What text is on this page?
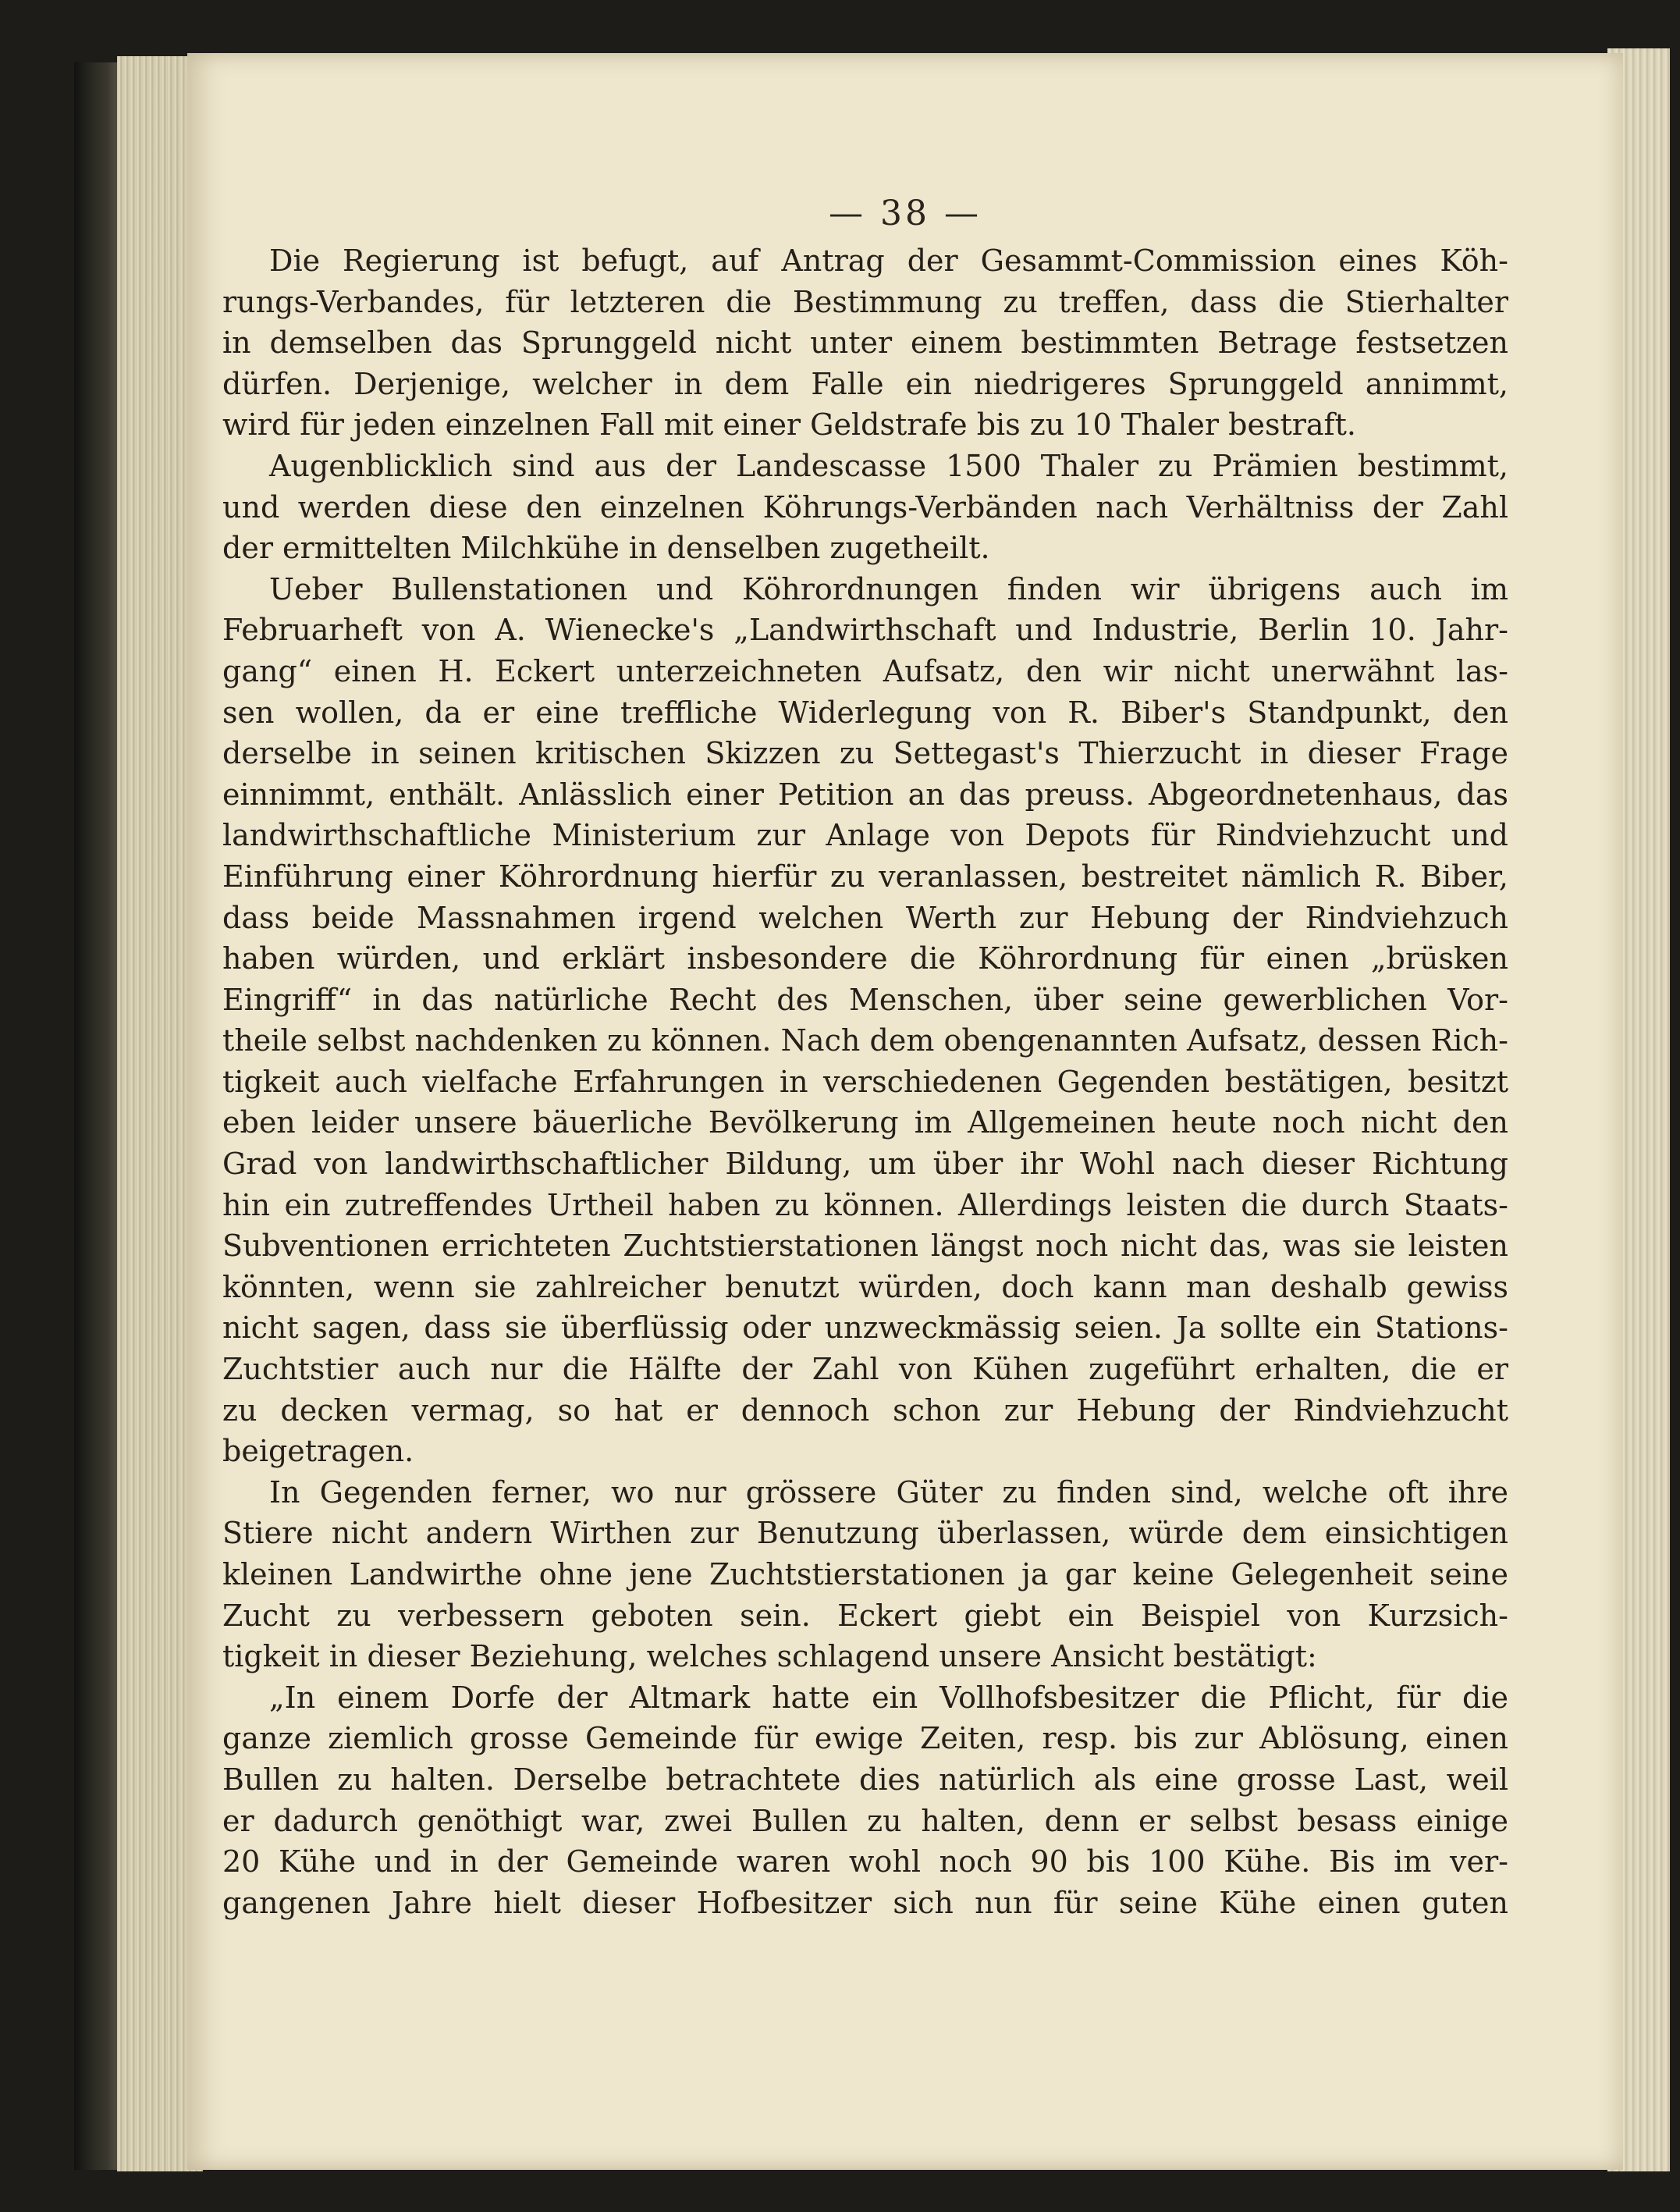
— 38 —
Die Regierung ist befugt, auf Antrag der Gesammt-Commission eines Köh-
rungs-Verbandes, für letzteren die Bestimmung zu treffen, dass die Stierhalter
in demselben das Sprunggeld nicht unter einem bestimmten Betrage festsetzen
dürfen. Derjenige, welcher in dem Falle ein niedrigeres Sprunggeld annimmt,
wird für jeden einzelnen Fall mit einer Geldstrafe bis zu 10 Thaler bestraft.
Augenblicklich sind aus der Landescasse 1500 Thaler zu Prämien bestimmt,
und werden diese den einzelnen Köhrungs-Verbänden nach Verhältniss der Zahl
der ermittelten Milchkühe in denselben zugetheilt.
Ueber Bullenstationen und Köhrordnungen finden wir übrigens auch im
Februarheft von A. Wienecke's „Landwirthschaft und Industrie, Berlin 10. Jahr-
gang“ einen H. Eckert unterzeichneten Aufsatz, den wir nicht unerwähnt las-
sen wollen, da er eine treffliche Widerlegung von R. Biber's Standpunkt, den
derselbe in seinen kritischen Skizzen zu Settegast's Thierzucht in dieser Frage
einnimmt, enthält. Anlässlich einer Petition an das preuss. Abgeordnetenhaus, das
landwirthschaftliche Ministerium zur Anlage von Depots für Rindviehzucht und
Einführung einer Köhrordnung hierfür zu veranlassen, bestreitet nämlich R. Biber,
dass beide Massnahmen irgend welchen Werth zur Hebung der Rindviehzuch
haben würden, und erklärt insbesondere die Köhrordnung für einen „brüsken
Eingriff“ in das natürliche Recht des Menschen, über seine gewerblichen Vor-
theile selbst nachdenken zu können. Nach dem obengenannten Aufsatz, dessen Rich-
tigkeit auch vielfache Erfahrungen in verschiedenen Gegenden bestätigen, besitzt
eben leider unsere bäuerliche Bevölkerung im Allgemeinen heute noch nicht den
Grad von landwirthschaftlicher Bildung, um über ihr Wohl nach dieser Richtung
hin ein zutreffendes Urtheil haben zu können. Allerdings leisten die durch Staats-
Subventionen errichteten Zuchtstierstationen längst noch nicht das, was sie leisten
könnten, wenn sie zahlreicher benutzt würden, doch kann man deshalb gewiss
nicht sagen, dass sie überflüssig oder unzweckmässig seien. Ja sollte ein Stations-
Zuchtstier auch nur die Hälfte der Zahl von Kühen zugeführt erhalten, die er
zu decken vermag, so hat er dennoch schon zur Hebung der Rindviehzucht
beigetragen.
In Gegenden ferner, wo nur grössere Güter zu finden sind, welche oft ihre
Stiere nicht andern Wirthen zur Benutzung überlassen, würde dem einsichtigen
kleinen Landwirthe ohne jene Zuchtstierstationen ja gar keine Gelegenheit seine
Zucht zu verbessern geboten sein. Eckert giebt ein Beispiel von Kurzsich-
tigkeit in dieser Beziehung, welches schlagend unsere Ansicht bestätigt:
„In einem Dorfe der Altmark hatte ein Vollhofsbesitzer die Pflicht, für die
ganze ziemlich grosse Gemeinde für ewige Zeiten, resp. bis zur Ablösung, einen
Bullen zu halten. Derselbe betrachtete dies natürlich als eine grosse Last, weil
er dadurch genöthigt war, zwei Bullen zu halten, denn er selbst besass einige
20 Kühe und in der Gemeinde waren wohl noch 90 bis 100 Kühe. Bis im ver-
gangenen Jahre hielt dieser Hofbesitzer sich nun für seine Kühe einen guten
